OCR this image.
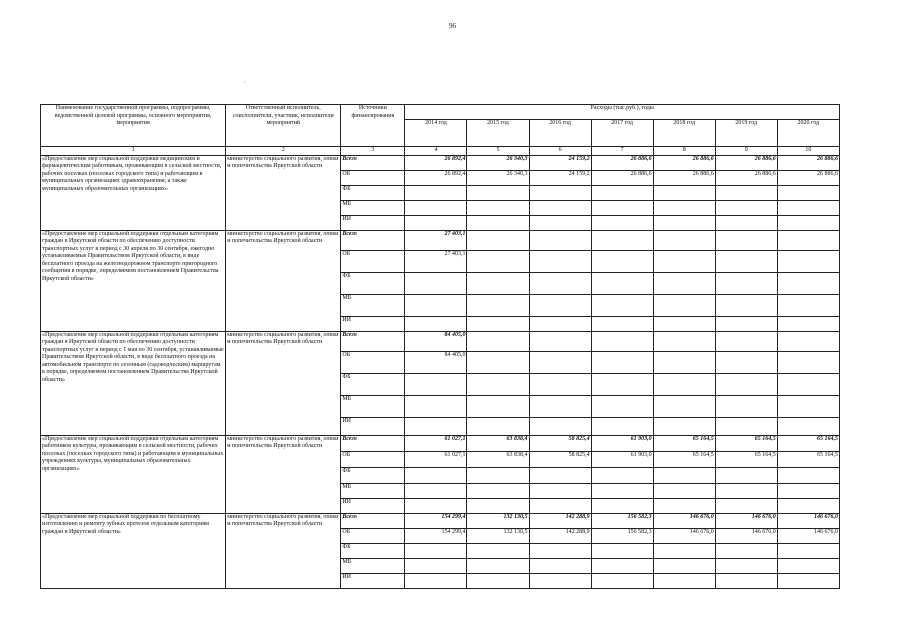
96
·
Наименование государственной программы, подпрограммы, ведомственной целевой программы, основного мероприятия, мероприятия	Ответственный исполнитель, соисполнители, участник, исполнители мероприятий	Источники финансирования	Расходы (тыс.руб.), годы						
			2014 год	2015 год	2016 год	2017 год	2018 год	2019 год	2020 год
1	2	3	4	5	6	7	8	9	10
«Предоставление мер социальной поддержки медицинским и фармацевтическим работникам, проживающим в сельской местности, рабочих поселках (поселках городского типа) и работающим в муниципальных организациях здравоохранения, а также муниципальных образовательных организациях»	министерство социального развития, опеки и попечительства Иркутской области	Всего	26 892,4	26 340,3	24 159,2	26 886,6	26 886,6	26 886,6	26 886,6
		ОБ	26 892,4	26 340,3	24 159,2	26 886,6	26 886,6	26 886,6	26 886,6
		ФБ							
		МБ							
		ИИ							
«Предоставление мер социальной поддержки отдельным категориям граждан в Иркутской области по обеспечению доступности транспортных услуг в период с 30 апреля по 30 сентября, ежегодно устанавливаемые Правительством Иркутской области, в виде бесплатного проезда на железнодорожном транспорте пригородного сообщения в порядке, определяемом постановлением Правительства Иркутской области»	министерство социального развития, опеки и попечительства Иркутской области	Всего	27 403,1						
		ОБ	27 403,1						
		ФБ							
		МБ							
		ИИ							
«Предоставление мер социальной поддержки отдельным категориям граждан в Иркутской области по обеспечению доступности транспортных услуг в период с 1 мая по 30 сентября, устанавливаемые Правительством Иркутской области, в виде бесплатного проезда на автомобильном транспорте по сезонным (садоводческим) маршрутам в порядке, определяемом постановлением Правительства Иркутской области»	министерство социального развития, опеки и попечительства Иркутской области	Всего	84 405,0						
		ОБ	84 405,0						
		ФБ							
		МБ							
		ИИ							
«Предоставление мер социальной поддержки отдельным категориям работников культуры, проживающим в сельской местности, рабочих поселках (поселках городского типа) и работающим в муниципальных учреждениях культуры, муниципальных образовательных организациях»	министерство социального развития, опеки и попечительства Иркутской области	Всего	61 027,1	63 838,4	58 825,4	61 903,0	65 164,5	65 164,5	65 164,5
		ОБ	61 027,1	63 838,4	58 825,4	61 903,0	65 164,5	65 164,5	65 164,5
		ФБ							
		МБ							
		ИИ							
«Предоставление мер социальной поддержки по бесплатному изготовлению и ремонту зубных протезов отдельным категориям граждан в Иркутской области»	министерство социального развития, опеки и попечительства Иркутской области	Всего	154 299,4	132 130,5	142 288,9	156 582,3	146 676,0	146 676,0	146 676,0
		ОБ	154 299,4	132 130,5	142 288,9	156 582,3	146 676,0	146 676,0	146 676,0
		ФБ							
		МБ							
		ИИ							
